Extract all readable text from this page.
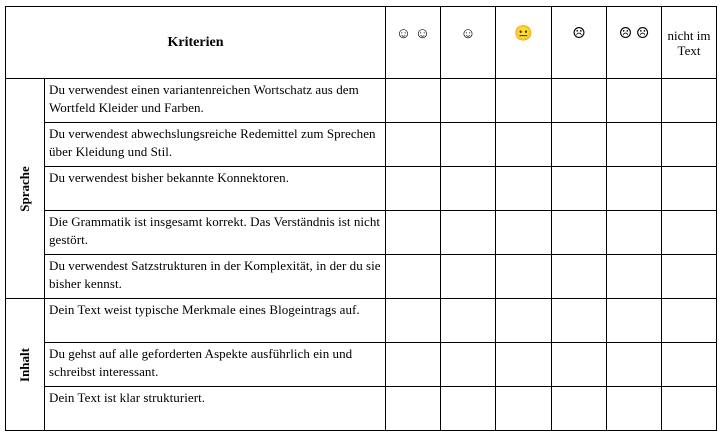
Kriterien		☺ ☺	☺	😐	☹	☹ ☹	nicht im Text

Sprache	Du verwendest einen variantenreichen Wortschatz aus dem Wortfeld Kleider und Farben.						
	Du verwendest abwechslungsreiche Redemittel zum Sprechen über Kleidung und Stil.						
	Du verwendest bisher bekannte Konnektoren.						
	Die Grammatik ist insgesamt korrekt. Das Verständnis ist nicht gestört.						
	Du verwendest Satzstrukturen in der Komplexität, in der du sie bisher kennst.						

Inhalt	Dein Text weist typische Merkmale eines Blogeintrags auf.						
	Du gehst auf alle geforderten Aspekte ausführlich ein und schreibst interessant.						
	Dein Text ist klar strukturiert.						
